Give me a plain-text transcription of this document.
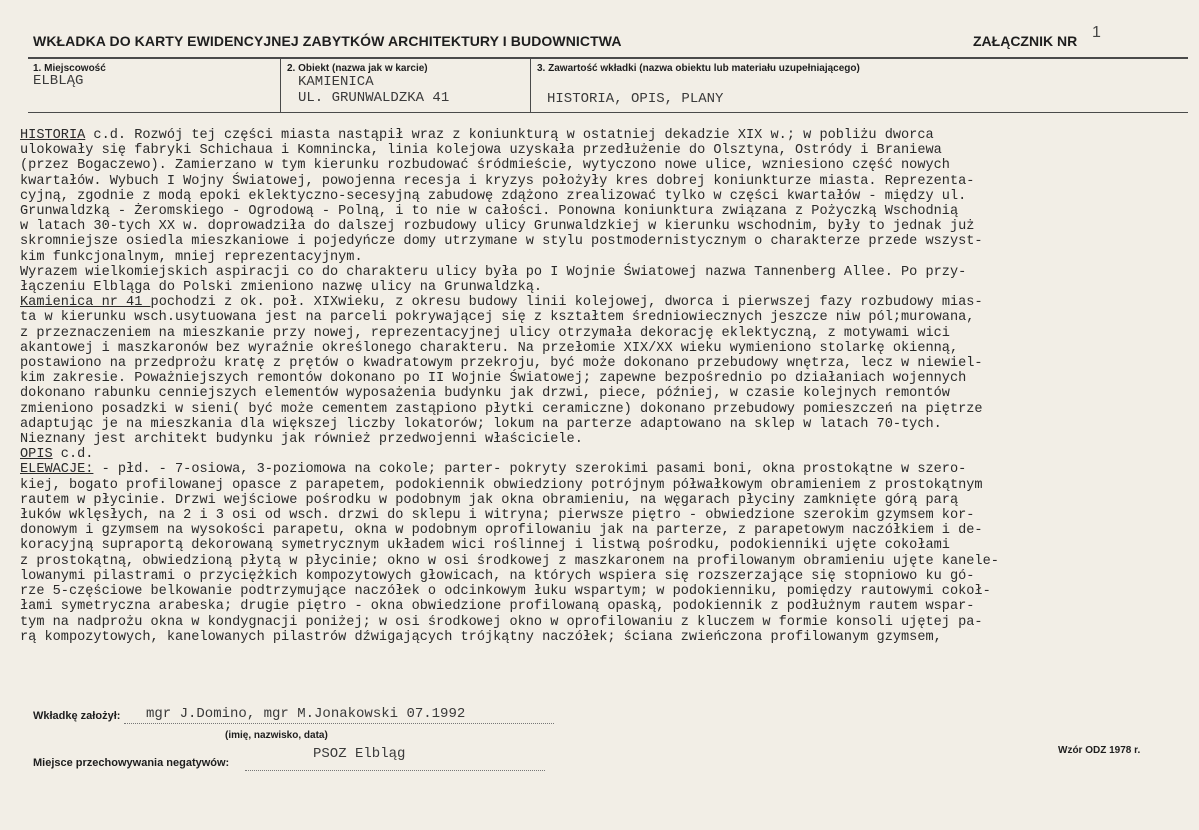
WKŁADKA DO KARTY EWIDENCYJNEJ ZABYTKÓW ARCHITEKTURY I BUDOWNICTWA	ZAŁĄCZNIK NR 1
1. Miejscowość
ELBLĄG
2. Obiekt (nazwa jak w karcie)
KAMIENICA
UL. GRUNWALDZKA 41
3. Zawartość wkładki (nazwa obiektu lub materiału uzupełniającego)
HISTORIA, OPIS, PLANY

HISTORIA c.d. Rozwój tej części miasta nastąpił wraz z koniunkturą w ostatniej dekadzie XIX w.; w pobliżu dworca

ulokowały się fabryki Schichaua i Komnincka, linia kolejowa uzyskała przedłużenie do Olsztyna, Ostródy i Braniewa

(przez Bogaczewo). Zamierzano w tym kierunku rozbudować śródmieście, wytyczono nowe ulice, wzniesiono część nowych

kwartałów. Wybuch I Wojny Światowej, powojenna recesja i kryzys położyły kres dobrej koniunkturze miasta. Reprezenta-

cyjną, zgodnie z modą epoki eklektyczno-secesyjną zabudowę zdążono zrealizować tylko w części kwartałów - między ul.

Grunwaldzką - Żeromskiego - Ogrodową - Polną, i to nie w całości. Ponowna koniunktura związana z Pożyczką Wschodnią

w latach 30-tych XX w. doprowadziła do dalszej rozbudowy ulicy Grunwaldzkiej w kierunku wschodnim, były to jednak już

skromniejsze osiedla mieszkaniowe i pojedyńcze domy utrzymane w stylu postmodernistycznym o charakterze przede wszyst-

kim funkcjonalnym, mniej reprezentacyjnym.

Wyrazem wielkomiejskich aspiracji co do charakteru ulicy była po I Wojnie Światowej nazwa Tannenberg Allee. Po przy-

łączeniu Elbląga do Polski zmieniono nazwę ulicy na Grunwaldzką.

Kamienica nr 41 pochodzi z ok. poł. XIXwieku, z okresu budowy linii kolejowej, dworca i pierwszej fazy rozbudowy mias-

ta w kierunku wsch.usytuowana jest na parceli pokrywającej się z kształtem średniowiecznych jeszcze niw pól;murowana,

z przeznaczeniem na mieszkanie przy nowej, reprezentacyjnej ulicy otrzymała dekorację eklektyczną, z motywami wici

akantowej i maszkaronów bez wyraźnie określonego charakteru. Na przełomie XIX/XX wieku wymieniono stolarkę okienną,

postawiono na przedprożu kratę z prętów o kwadratowym przekroju, być może dokonano przebudowy wnętrza, lecz w niewiel-

kim zakresie. Poważniejszych remontów dokonano po II Wojnie Światowej; zapewne bezpośrednio po działaniach wojennych

dokonano rabunku cenniejszych elementów wyposażenia budynku jak drzwi, piece, później, w czasie kolejnych remontów

zmieniono posadzki w sieni( być może cementem zastąpiono płytki ceramiczne) dokonano przebudowy pomieszczeń na piętrze

adaptując je na mieszkania dla większej liczby lokatorów; lokum na parterze adaptowano na sklep w latach 70-tych.

Nieznany jest architekt budynku jak również przedwojenni właściciele.

OPIS c.d.

ELEWACJE: - płd. - 7-osiowa, 3-poziomowa na cokole; parter- pokryty szerokimi pasami boni, okna prostokątne w szero-

kiej, bogato profilowanej opasce z parapetem, podokiennik obwiedziony potrójnym półwałkowym obramieniem z prostokątnym

rautem w płycinie. Drzwi wejściowe pośrodku w podobnym jak okna obramieniu, na węgarach płyciny zamknięte górą parą

łuków wklęsłych, na 2 i 3 osi od wsch. drzwi do sklepu i witryna; pierwsze piętro - obwiedzione szerokim gzymsem kor-

donowym i gzymsem na wysokości parapetu, okna w podobnym oprofilowaniu jak na parterze, z parapetowym naczółkiem i de-

koracyjną supraportą dekorowaną symetrycznym układem wici roślinnej i listwą pośrodku, podokienniki ujęte cokołami

z prostokątną, obwiedzioną płytą w płycinie; okno w osi środkowej z maszkaronem na profilowanym obramieniu ujęte kanele-

lowanymi pilastrami o przyciężkich kompozytowych głowicach, na których wspiera się rozszerzające się stopniowo ku gó-

rze 5-częściowe belkowanie podtrzymujące naczółek o odcinkowym łuku wspartym; w podokienniku, pomiędzy rautowymi cokoł-

łami symetryczna arabeska; drugie piętro - okna obwiedzione profilowaną opaską, podokiennik z podłużnym rautem wspar-

tym na nadprożu okna w kondygnacji poniżej; w osi środkowej okno w oprofilowaniu z kluczem w formie konsoli ujętej pa-

rą kompozytowych, kanelowanych pilastrów dźwigających trójkątny naczółek; ściana zwieńczona profilowanym gzymsem,

Wkładkę założył: mgr J.Domino, mgr M.Jonakowski 07.1992
(imię, nazwisko, data)
Miejsce przechowywania negatywów:
PSOZ Elbląg	Wzór ODZ 1978 r.
